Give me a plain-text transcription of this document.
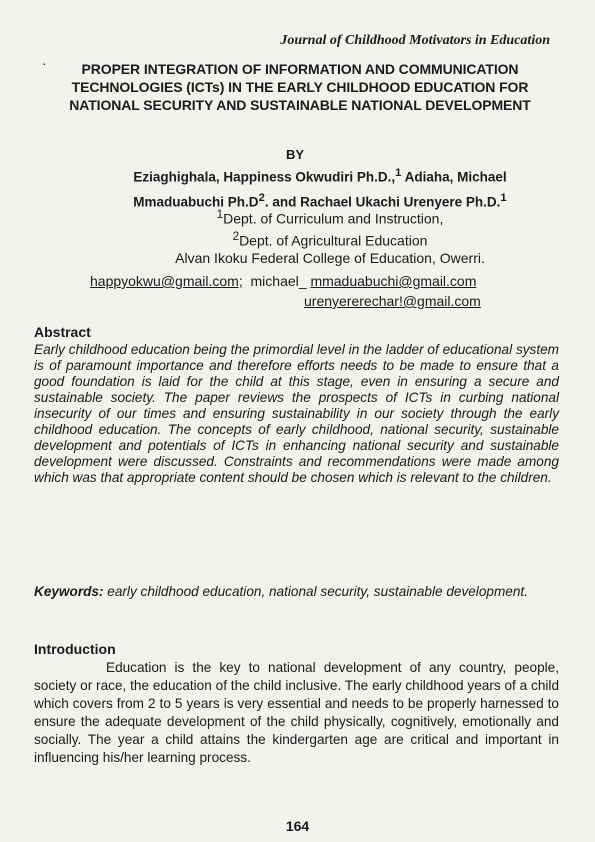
Journal of Childhood Motivators in Education
·	PROPER INTEGRATION OF INFORMATION AND COMMUNICATION
TECHNOLOGIES (ICTs) IN THE EARLY CHILDHOOD EDUCATION FOR
NATIONAL SECURITY AND SUSTAINABLE NATIONAL DEVELOPMENT
BY
Eziaghighala, Happiness Okwudiri Ph.D.,$^1$ Adiaha, Michael
Mmaduabuchi $Ph.D^2$. and Rachael Ukachi Urenyere Ph.D.$^1$
$^1$Dept. of Curriculum and Instruction,
$^2$Dept. of Agricultural Education
Alvan Ikoku Federal College of Education, Owerri.
happyokwu@gmail.com; michael_ mmaduabuchi@gmail.com
urenyererechar!@gmail.com
Abstract
Early childhood education being the primordial level in the ladder of educational system is of paramount importance and therefore efforts needs to be made to ensure that a good foundation is laid for the child at this stage, even in ensuring a secure and sustainable society. The paper reviews the prospects of ICTs in curbing national insecurity of our times and ensuring sustainability in our society through the early childhood education. The concepts of early childhood, national security, sustainable development and potentials of ICTs in enhancing national security and sustainable development were discussed. Constraints and recommendations were made among which was that appropriate content should be chosen which is relevant to the children.
Keywords: early childhood education, national security, sustainable development.
Introduction

Education is the key to national development of any country, people, society or race, the education of the child inclusive. The early childhood years of a child which covers from 2 to 5 years is very essential and needs to be properly harnessed to ensure the adequate development of the child physically, cognitively, emotionally and socially. The year a child attains the kindergarten age are critical and important in influencing his/her learning process.

164
